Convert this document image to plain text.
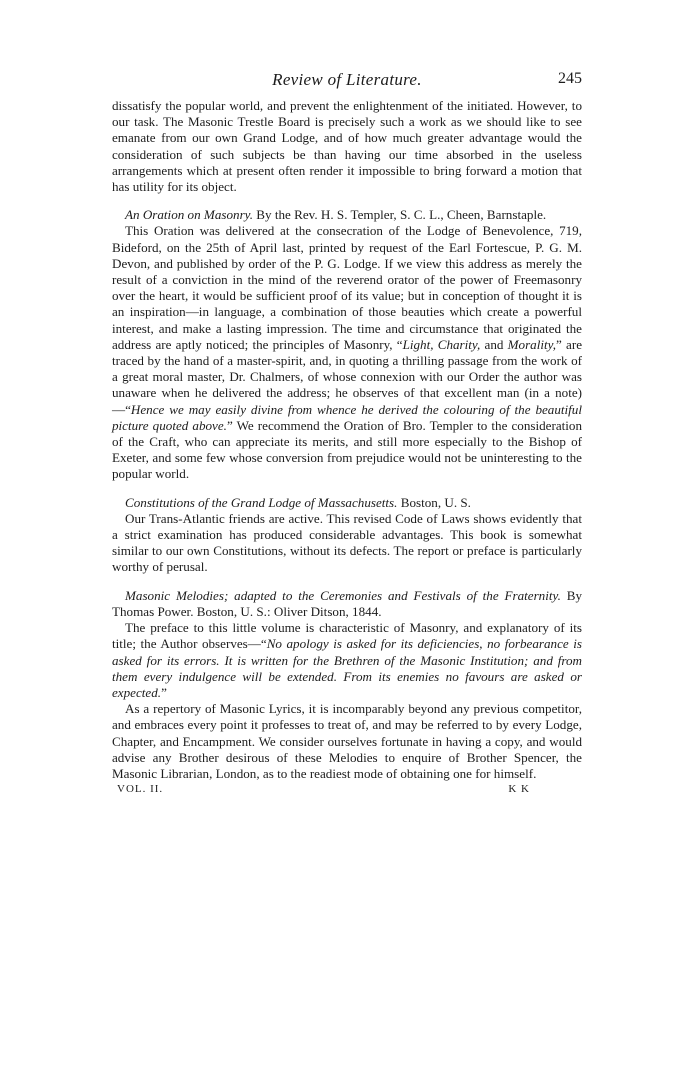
Review of Literature.	245

dissatisfy the popular world, and prevent the enlightenment of the initiated. However, to our task. The Masonic Trestle Board is precisely such a work as we should like to see emanate from our own Grand Lodge, and of how much greater advantage would the consideration of such subjects be than having our time absorbed in the useless arrangements which at present often render it impossible to bring forward a motion that has utility for its object.

An Oration on Masonry. By the Rev. H. S. Templer, S. C. L., Cheen, Barnstaple.

This Oration was delivered at the consecration of the Lodge of Benevolence, 719, Bideford, on the 25th of April last, printed by request of the Earl Fortescue, P. G. M. Devon, and published by order of the P. G. Lodge. If we view this address as merely the result of a conviction in the mind of the reverend orator of the power of Freemasonry over the heart, it would be sufficient proof of its value; but in conception of thought it is an inspiration—in language, a combination of those beauties which create a powerful interest, and make a lasting impression. The time and circumstance that originated the address are aptly noticed; the principles of Masonry, “Light, Charity, and Morality,” are traced by the hand of a master-spirit, and, in quoting a thrilling passage from the work of a great moral master, Dr. Chalmers, of whose connexion with our Order the author was unaware when he delivered the address; he observes of that excellent man (in a note)—“Hence we may easily divine from whence he derived the colouring of the beautiful picture quoted above.” We recommend the Oration of Bro. Templer to the consideration of the Craft, who can appreciate its merits, and still more especially to the Bishop of Exeter, and some few whose conversion from prejudice would not be uninteresting to the popular world.

Constitutions of the Grand Lodge of Massachusetts. Boston, U. S.

Our Trans-Atlantic friends are active. This revised Code of Laws shows evidently that a strict examination has produced considerable advantages. This book is somewhat similar to our own Constitutions, without its defects. The report or preface is particularly worthy of perusal.

Masonic Melodies; adapted to the Ceremonies and Festivals of the Fraternity. By Thomas Power. Boston, U. S.: Oliver Ditson, 1844.

The preface to this little volume is characteristic of Masonry, and explanatory of its title; the Author observes—“No apology is asked for its deficiencies, no forbearance is asked for its errors. It is written for the Brethren of the Masonic Institution; and from them every indulgence will be extended. From its enemies no favours are asked or expected.”

As a repertory of Masonic Lyrics, it is incomparably beyond any previous competitor, and embraces every point it professes to treat of, and may be referred to by every Lodge, Chapter, and Encampment. We consider ourselves fortunate in having a copy, and would advise any Brother desirous of these Melodies to enquire of Brother Spencer, the Masonic Librarian, London, as to the readiest mode of obtaining one for himself.

VOL. II.	K K
